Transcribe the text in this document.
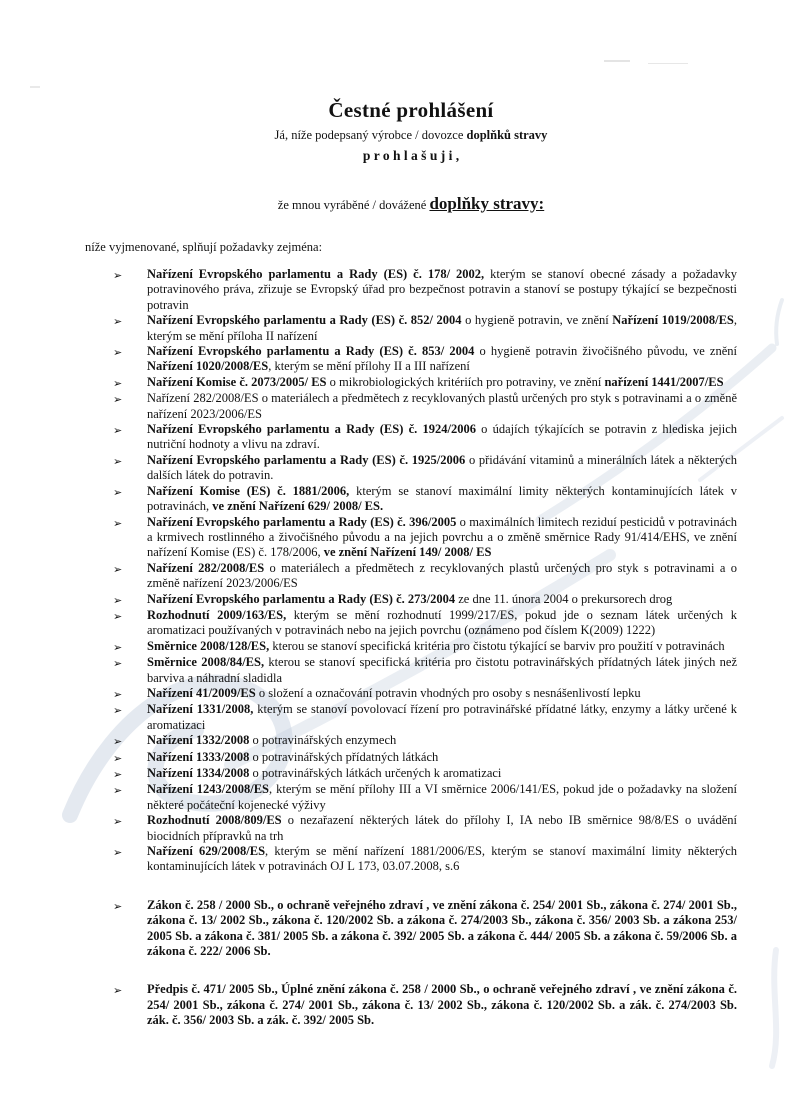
Čestné prohlášení

Já, níže podepsaný výrobce / dovozce doplňků stravy

p r o h l a š u j i ,

že mnou vyráběné / dovážené doplňky stravy:

níže vyjmenované, splňují požadavky zejména:

➢	Nařízení Evropského parlamentu a Rady (ES) č. 178/ 2002, kterým se stanoví obecné zásady a požadavky potravinového práva, zřizuje se Evropský úřad pro bezpečnost potravin a stanoví se postupy týkající se bezpečnosti potravin
➢	Nařízení Evropského parlamentu a Rady (ES) č. 852/ 2004 o hygieně potravin, ve znění Nařízení 1019/2008/ES, kterým se mění příloha II nařízení
➢	Nařízení Evropského parlamentu a Rady (ES) č. 853/ 2004 o hygieně potravin živočišného původu, ve znění Nařízení 1020/2008/ES, kterým se mění přílohy II a III nařízení
➢	Nařízení Komise č. 2073/2005/ ES o mikrobiologických kritériích pro potraviny, ve znění nařízení 1441/2007/ES
➢	Nařízení 282/2008/ES o materiálech a předmětech z recyklovaných plastů určených pro styk s potravinami a o změně nařízení 2023/2006/ES
➢	Nařízení Evropského parlamentu a Rady (ES) č. 1924/2006 o údajích týkajících se potravin z hlediska jejich nutriční hodnoty a vlivu na zdraví.
➢	Nařízení Evropského parlamentu a Rady (ES) č. 1925/2006 o přidávání vitaminů a minerálních látek a některých dalších látek do potravin.
➢	Nařízení Komise (ES) č. 1881/2006, kterým se stanoví maximální limity některých kontaminujících látek v potravinách, ve znění Nařízení 629/ 2008/ ES.
➢	Nařízení Evropského parlamentu a Rady (ES) č. 396/2005 o maximálních limitech reziduí pesticidů v potravinách a krmivech rostlinného a živočišného původu a na jejich povrchu a o změně směrnice Rady 91/414/EHS, ve znění nařízení Komise (ES) č. 178/2006, ve znění Nařízení 149/ 2008/ ES
➢	Nařízení 282/2008/ES o materiálech a předmětech z recyklovaných plastů určených pro styk s potravinami a o změně nařízení 2023/2006/ES
➢	Nařízení Evropského parlamentu a Rady (ES) č. 273/2004 ze dne 11. února 2004 o prekursorech drog
➢	Rozhodnutí 2009/163/ES, kterým se mění rozhodnutí 1999/217/ES, pokud jde o seznam látek určených k aromatizaci používaných v potravinách nebo na jejich povrchu (oznámeno pod číslem K(2009) 1222)
➢	Směrnice 2008/128/ES, kterou se stanoví specifická kritéria pro čistotu týkající se barviv pro použití v potravinách
➢	Směrnice 2008/84/ES, kterou se stanoví specifická kritéria pro čistotu potravinářských přídatných látek jiných než barviva a náhradní sladidla
➢	Nařízení 41/2009/ES o složení a označování potravin vhodných pro osoby s nesnášenlivostí lepku
➢	Nařízení 1331/2008, kterým se stanoví povolovací řízení pro potravinářské přídatné látky, enzymy a látky určené k aromatizaci
➢	Nařízení 1332/2008 o potravinářských enzymech
➢	Nařízení 1333/2008 o potravinářských přídatných látkách
➢	Nařízení 1334/2008 o potravinářských látkách určených k aromatizaci
➢	Nařízení 1243/2008/ES, kterým se mění přílohy III a VI směrnice 2006/141/ES, pokud jde o požadavky na složení některé počáteční kojenecké výživy
➢	Rozhodnutí 2008/809/ES o nezařazení některých látek do přílohy I, IA nebo IB směrnice 98/8/ES o uvádění biocidních přípravků na trh
➢	Nařízení 629/2008/ES, kterým se mění nařízení 1881/2006/ES, kterým se stanoví maximální limity některých kontaminujících látek v potravinách OJ L 173, 03.07.2008, s.6
➢	Zákon č. 258 / 2000 Sb., o ochraně veřejného zdraví , ve znění zákona č. 254/ 2001 Sb., zákona č. 274/ 2001 Sb., zákona č. 13/ 2002 Sb., zákona č. 120/2002 Sb. a zákona č. 274/2003 Sb., zákona č. 356/ 2003 Sb. a zákona 253/ 2005 Sb. a zákona č. 381/ 2005 Sb. a zákona č. 392/ 2005 Sb. a zákona č. 444/ 2005 Sb. a zákona č. 59/2006 Sb. a zákona č. 222/ 2006 Sb.
➢	Předpis č. 471/ 2005 Sb., Úplné znění zákona č. 258 / 2000 Sb., o ochraně veřejného zdraví , ve znění zákona č. 254/ 2001 Sb., zákona č. 274/ 2001 Sb., zákona č. 13/ 2002 Sb., zákona č. 120/2002 Sb. a zák. č. 274/2003 Sb. zák. č. 356/ 2003 Sb. a zák. č. 392/ 2005 Sb.
